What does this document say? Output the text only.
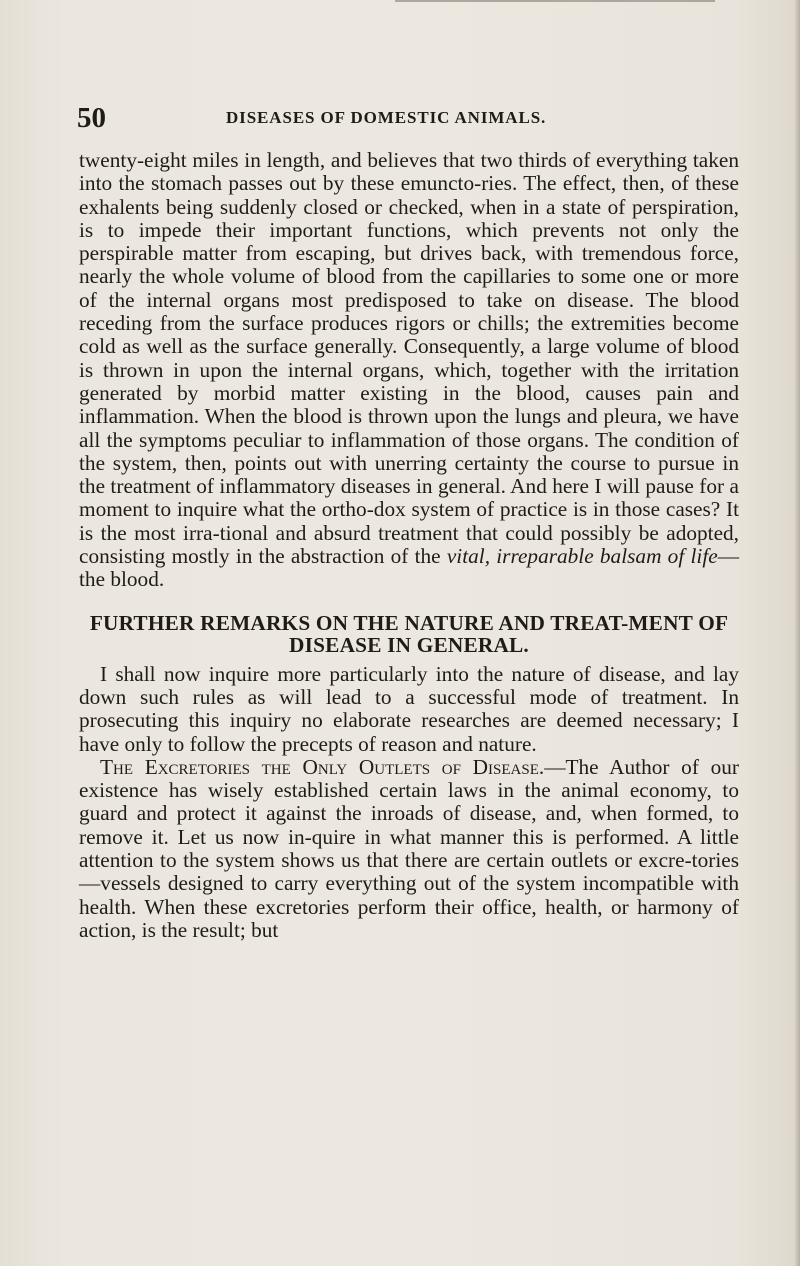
50	DISEASES OF DOMESTIC ANIMALS.

twenty-eight miles in length, and believes that two thirds of everything taken into the stomach passes out by these emuncto-ries. The effect, then, of these exhalents being suddenly closed or checked, when in a state of perspiration, is to impede their important functions, which prevents not only the perspirable matter from escaping, but drives back, with tremendous force, nearly the whole volume of blood from the capillaries to some one or more of the internal organs most predisposed to take on disease. The blood receding from the surface produces rigors or chills; the extremities become cold as well as the surface generally. Consequently, a large volume of blood is thrown in upon the internal organs, which, together with the irritation generated by morbid matter existing in the blood, causes pain and inflammation. When the blood is thrown upon the lungs and pleura, we have all the symptoms peculiar to inflammation of those organs. The condition of the system, then, points out with unerring certainty the course to pursue in the treatment of inflammatory diseases in general. And here I will pause for a moment to inquire what the ortho-dox system of practice is in those cases? It is the most irra-tional and absurd treatment that could possibly be adopted, consisting mostly in the abstraction of the vital, irreparable balsam of life—the blood.

FURTHER REMARKS ON THE NATURE AND TREAT-MENT OF DISEASE IN GENERAL.

I shall now inquire more particularly into the nature of disease, and lay down such rules as will lead to a successful mode of treatment. In prosecuting this inquiry no elaborate researches are deemed necessary; I have only to follow the precepts of reason and nature.

The Excretories the Only Outlets of Disease.—The Author of our existence has wisely established certain laws in the animal economy, to guard and protect it against the inroads of disease, and, when formed, to remove it. Let us now in-quire in what manner this is performed. A little attention to the system shows us that there are certain outlets or excre-tories—vessels designed to carry everything out of the system incompatible with health. When these excretories perform their office, health, or harmony of action, is the result; but
